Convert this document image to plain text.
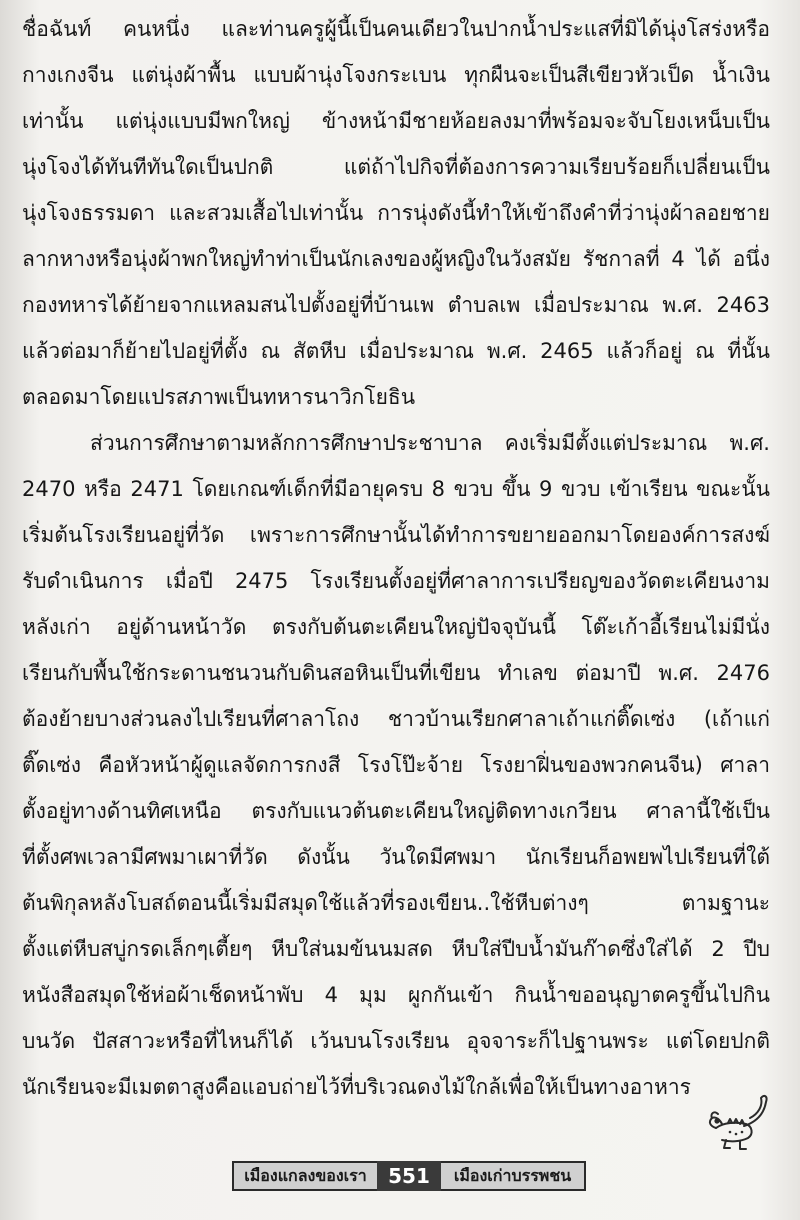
ชื่อฉันท์ คนหนึ่ง และท่านครูผู้นี้เป็นคนเดียวในปากน้ำประแสที่มิได้นุ่งโสร่งหรือ
กางเกงจีน แต่นุ่งผ้าพื้น แบบผ้านุ่งโจงกระเบน ทุกผืนจะเป็นสีเขียวหัวเป็ด น้ำเงิน
เท่านั้น แต่นุ่งแบบมีพกใหญ่ ข้างหน้ามีชายห้อยลงมาที่พร้อมจะจับโยงเหน็บเป็น
นุ่งโจงได้ทันทีทันใดเป็นปกติ แต่ถ้าไปกิจที่ต้องการความเรียบร้อยก็เปลี่ยนเป็น
นุ่งโจงธรรมดา และสวมเสื้อไปเท่านั้น การนุ่งดังนี้ทำให้เข้าถึงคำที่ว่านุ่งผ้าลอยชาย
ลากหางหรือนุ่งผ้าพกใหญ่ทำท่าเป็นนักเลงของผู้หญิงในวังสมัย รัชกาลที่ 4 ได้ อนึ่ง
กองทหารได้ย้ายจากแหลมสนไปตั้งอยู่ที่บ้านเพ ตำบลเพ เมื่อประมาณ พ.ศ. 2463
แล้วต่อมาก็ย้ายไปอยู่ที่ตั้ง ณ สัตหีบ เมื่อประมาณ พ.ศ. 2465 แล้วก็อยู่ ณ ที่นั้น
ตลอดมาโดยแปรสภาพเป็นทหารนาวิกโยธิน
ส่วนการศึกษาตามหลักการศึกษาประชาบาล คงเริ่มมีตั้งแต่ประมาณ พ.ศ.
2470 หรือ 2471 โดยเกณฑ์เด็กที่มีอายุครบ 8 ขวบ ขึ้น 9 ขวบ เข้าเรียน ขณะนั้น
เริ่มต้นโรงเรียนอยู่ที่วัด เพราะการศึกษานั้นได้ทำการขยายออกมาโดยองค์การสงฆ์
รับดำเนินการ เมื่อปี 2475 โรงเรียนตั้งอยู่ที่ศาลาการเปรียญของวัดตะเคียนงาม
หลังเก่า อยู่ด้านหน้าวัด ตรงกับต้นตะเคียนใหญ่ปัจจุบันนี้ โต๊ะเก้าอี้เรียนไม่มีนั่ง
เรียนกับพื้นใช้กระดานชนวนกับดินสอหินเป็นที่เขียน ทำเลข ต่อมาปี พ.ศ. 2476
ต้องย้ายบางส่วนลงไปเรียนที่ศาลาโถง ชาวบ้านเรียกศาลาเถ้าแก่ติ๊ดเซ่ง (เถ้าแก่
ติ๊ดเซ่ง คือหัวหน้าผู้ดูแลจัดการกงสี โรงโป๊ะจ้าย โรงยาฝิ่นของพวกคนจีน) ศาลา
ตั้งอยู่ทางด้านทิศเหนือ ตรงกับแนวต้นตะเคียนใหญ่ติดทางเกวียน ศาลานี้ใช้เป็น
ที่ตั้งศพเวลามีศพมาเผาที่วัด ดังนั้น วันใดมีศพมา นักเรียนก็อพยพไปเรียนที่ใต้
ต้นพิกุลหลังโบสถ์ตอนนี้เริ่มมีสมุดใช้แล้วที่รองเขียน..ใช้หีบต่างๆ ตามฐานะ
ตั้งแต่หีบสบู่กรดเล็กๆเตี้ยๆ หีบใส่นมข้นนมสด หีบใส่ปีบน้ำมันก๊าดซึ่งใส่ได้ 2 ปีบ
หนังสือสมุดใช้ห่อผ้าเช็ดหน้าพับ 4 มุม ผูกกันเข้า กินน้ำขออนุญาตครูขึ้นไปกิน
บนวัด ปัสสาวะหรือที่ไหนก็ได้ เว้นบนโรงเรียน อุจจาระก็ไปฐานพระ แต่โดยปกติ
นักเรียนจะมีเมตตาสูงคือแอบถ่ายไว้ที่บริเวณดงไม้ใกล้เพื่อให้เป็นทางอาหาร
เมืองแกลงของเรา	551	เมืองเก่าบรรพชน
